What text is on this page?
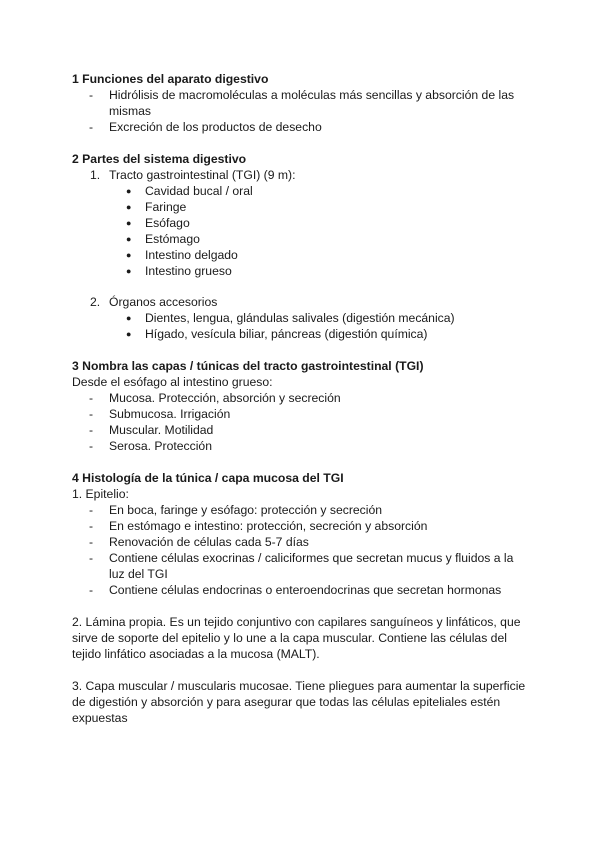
1 Funciones del aparato digestivo

- Hidrólisis de macromoléculas a moléculas más sencillas y absorción de las mismas
- Excreción de los productos de desecho

2 Partes del sistema digestivo

1. Tracto gastrointestinal (TGI) (9 m):
● Cavidad bucal / oral
● Faringe
● Esófago
● Estómago
● Intestino delgado
● Intestino grueso
2. Órganos accesorios
● Dientes, lengua, glándulas salivales (digestión mecánica)
● Hígado, vesícula biliar, páncreas (digestión química)

3 Nombra las capas / túnicas del tracto gastrointestinal (TGI)

Desde el esófago al intestino grueso:

- Mucosa. Protección, absorción y secreción
- Submucosa. Irrigación
- Muscular. Motilidad
- Serosa. Protección

4 Histología de la túnica / capa mucosa del TGI

1. Epitelio:

- En boca, faringe y esófago: protección y secreción
- En estómago e intestino: protección, secreción y absorción
- Renovación de células cada 5-7 días
- Contiene células exocrinas / caliciformes que secretan mucus y fluidos a la luz del TGI
- Contiene células endocrinas o enteroendocrinas que secretan hormonas

2. Lámina propia. Es un tejido conjuntivo con capilares sanguíneos y linfáticos, que sirve de soporte del epitelio y lo une a la capa muscular. Contiene las células del tejido linfático asociadas a la mucosa (MALT).

3. Capa muscular / muscularis mucosae. Tiene pliegues para aumentar la superficie de digestión y absorción y para asegurar que todas las células epiteliales estén expuestas
